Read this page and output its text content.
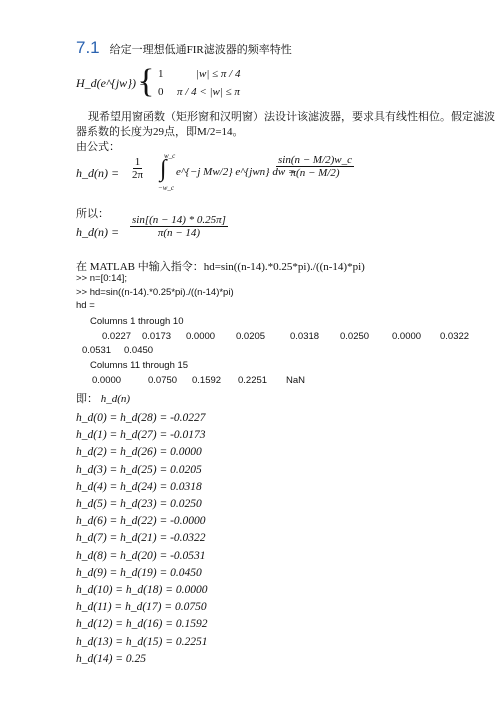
7.1 给定一理想低通FIR滤波器的频率特性
H_d(e^{jw}) =
{ 1	|w| ≤ π / 4
0 π / 4 < |w| ≤ π
现希望用窗函数（矩形窗和汉明窗）法设计该滤波器，要求具有线性相位。假定滤波
器系数的长度为29点，即M/2=14。
由公式：
h_d(n) = $\frac{1}{2\pi}$	w_c
∫
−w_c
e^{−j Mw/2} e^{jwn} dw =
$\frac{\sin(n - M/2)w\_c}{\pi(n - M/2)}$
所以：
h_d(n) = $\frac{\sin[(n - 14) * 0.25\pi]}{\pi(n - 14)}$
在 MATLAB 中输入指令：hd=sin((n-14).*0.25*pi)./((n-14)*pi)
>> n=[0:14];
>> hd=sin((n-14).*0.25*pi)./((n-14)*pi)
hd =
Columns 1 through 10
0.0227 0.0173 0.0000 0.0205	0.0318 0.0250 0.0000 0.0322
0.0531 0.0450
Columns 11 through 15
0.0000	0.0750 0.1592 0.2251 NaN
即： h_d(n)
h_d(0) = h_d(28) = -0.0227
h_d(1) = h_d(27) = -0.0173
h_d(2) = h_d(26) = 0.0000
h_d(3) = h_d(25) = 0.0205
h_d(4) = h_d(24) = 0.0318
h_d(5) = h_d(23) = 0.0250
h_d(6) = h_d(22) = -0.0000
h_d(7) = h_d(21) = -0.0322
h_d(8) = h_d(20) = -0.0531
h_d(9) = h_d(19) = 0.0450
h_d(10) = h_d(18) = 0.0000
h_d(11) = h_d(17) = 0.0750
h_d(12) = h_d(16) = 0.1592
h_d(13) = h_d(15) = 0.2251
h_d(14) = 0.25
